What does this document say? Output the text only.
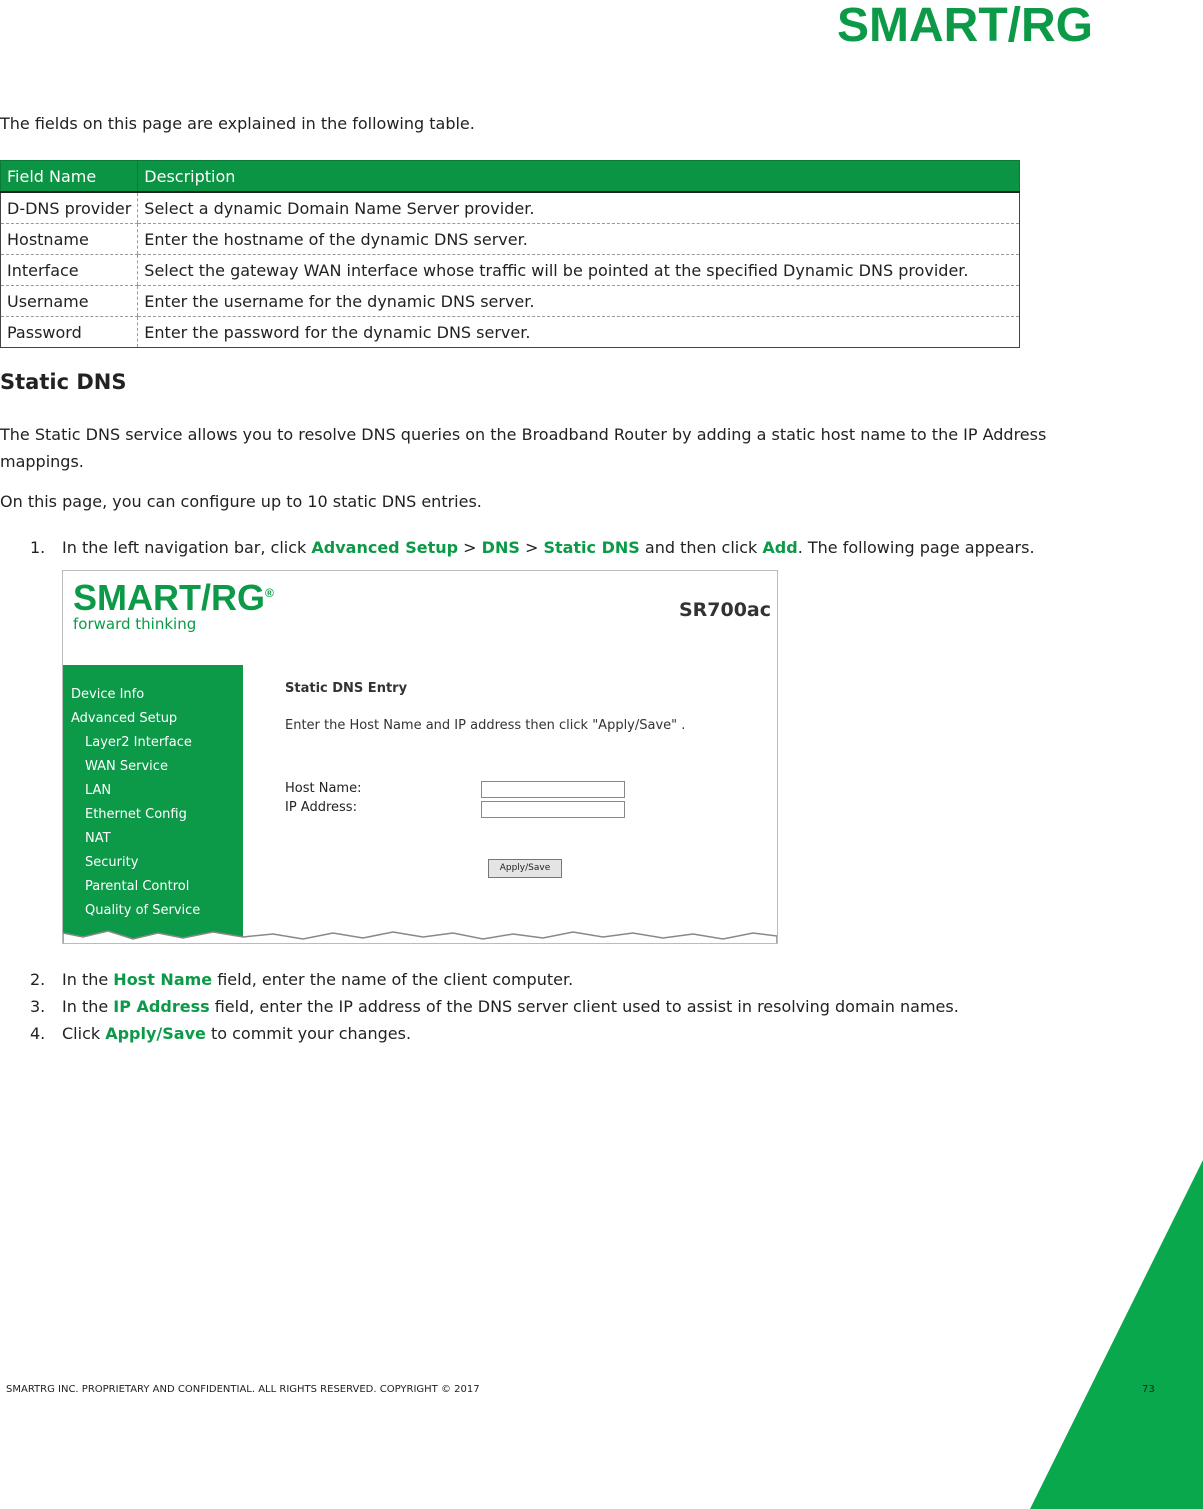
SMART/RG

The fields on this page are explained in the following table.

Field Name	Description
D-DNS provider	Select a dynamic Domain Name Server provider.
Hostname	Enter the hostname of the dynamic DNS server.
Interface	Select the gateway WAN interface whose traffic will be pointed at the specified Dynamic DNS provider.
Username	Enter the username for the dynamic DNS server.
Password	Enter the password for the dynamic DNS server.
Static DNS

The Static DNS service allows you to resolve DNS queries on the Broadband Router by adding a static host name to the IP Address mappings.

On this page, you can configure up to 10 static DNS entries.

1. In the left navigation bar, click Advanced Setup > DNS > Static DNS and then click Add. The following page appears.
SMART/RG®
forward thinking
SR700ac
Device Info
Advanced Setup
Layer2 Interface
WAN Service
LAN
Ethernet Config
NAT
Security
Parental Control
Quality of Service
Static DNS Entry
Enter the Host Name and IP address then click "Apply/Save" .
Host Name:
IP Address:
Apply/Save
2. In the Host Name field, enter the name of the client computer.
3. In the IP Address field, enter the IP address of the DNS server client used to assist in resolving domain names.
4. Click Apply/Save to commit your changes.
SMARTRG INC. PROPRIETARY AND CONFIDENTIAL. ALL RIGHTS RESERVED. COPYRIGHT © 2017	73
